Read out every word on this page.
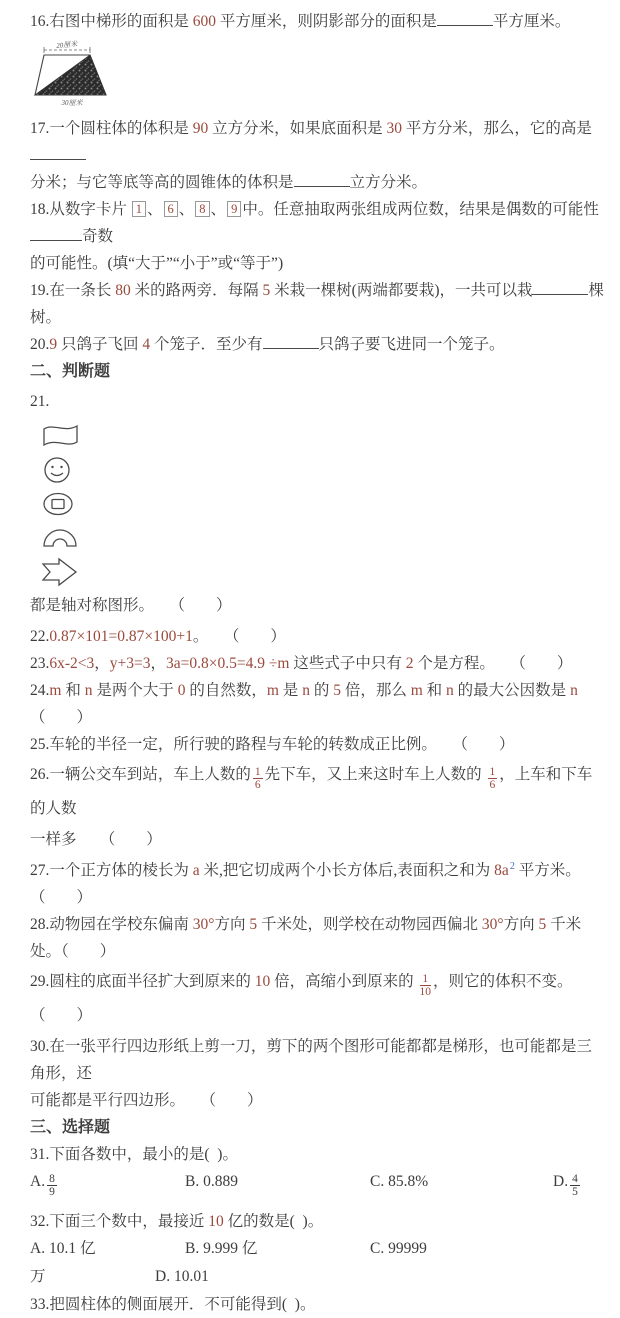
16.右图中梯形的面积是 600 平方厘米，则阴影部分的面积是	平方厘米。
20厘米
30厘米
17.一个圆柱体的体积是 90 立方分米，如果底面积是 30 平方分米，那么，它的高是
分米；与它等底等高的圆锥体的体积是	立方分米。
18.从数字卡片 1 、 6 、 8 、 9 中。任意抽取两张组成两位数，结果是偶数的可能性奇数
的可能性。(填“大于”“小于”或“等于”)
19.在一条长 80 米的路两旁．每隔 5 米栽一棵树(两端都要栽)，一共可以栽	棵树。
20.9 只鸽子飞回 4 个笼子．至少有	只鸽子要飞进同一个笼子。
二、判断题
21.

都是轴对称图形。　　（　　）
22.0.87×101=0.87×100+1。　　（　　）
23.6x-2<3，y+3=3，3a=0.8×0.5=4.9 ÷m 这些式子中只有 2 个是方程。　　（　　）
24.m 和 n 是两个大于 0 的自然数，m 是 n 的 5 倍，那么 m 和 n 的最大公因数是 n（　　）
25.车轮的半径一定，所行驶的路程与车轮的转数成正比例。　　（　　）
26.一辆公交车到站，车上人数的 $\frac{1}{6}$ 先下车，又上来这时车上人数的 $\frac{1}{6}$ ，上车和下车的人数
一样多　　（　　）
27.一个正方体的棱长为 a 米,把它切成两个小长方体后,表面积之和为 $8a^2$ 平方米。　（　　）
28.动物园在学校东偏南 30°方向 5 千米处，则学校在动物园西偏北 30°方向 5 千米处。（　　）
29.圆柱的底面半径扩大到原来的 10 倍，高缩小到原来的 $\frac{1}{10}$ ，则它的体积不变。（　　）
30.在一张平行四边形纸上剪一刀，剪下的两个图形可能都都是梯形，也可能都是三角形，还
可能都是平行四边形。　　（　　）
三、选择题
31.下面各数中，最小的是(  )。
A. $\frac{8}{9}$	B. 0.889	C. 85.8%	D. $\frac{4}{5}$
32.下面三个数中，最接近 10 亿的数是(  )。
A. 10.1 亿	B. 9.999 亿	C. 99999
万	D. 10.01
33.把圆柱体的侧面展开．不可能得到(  )。
